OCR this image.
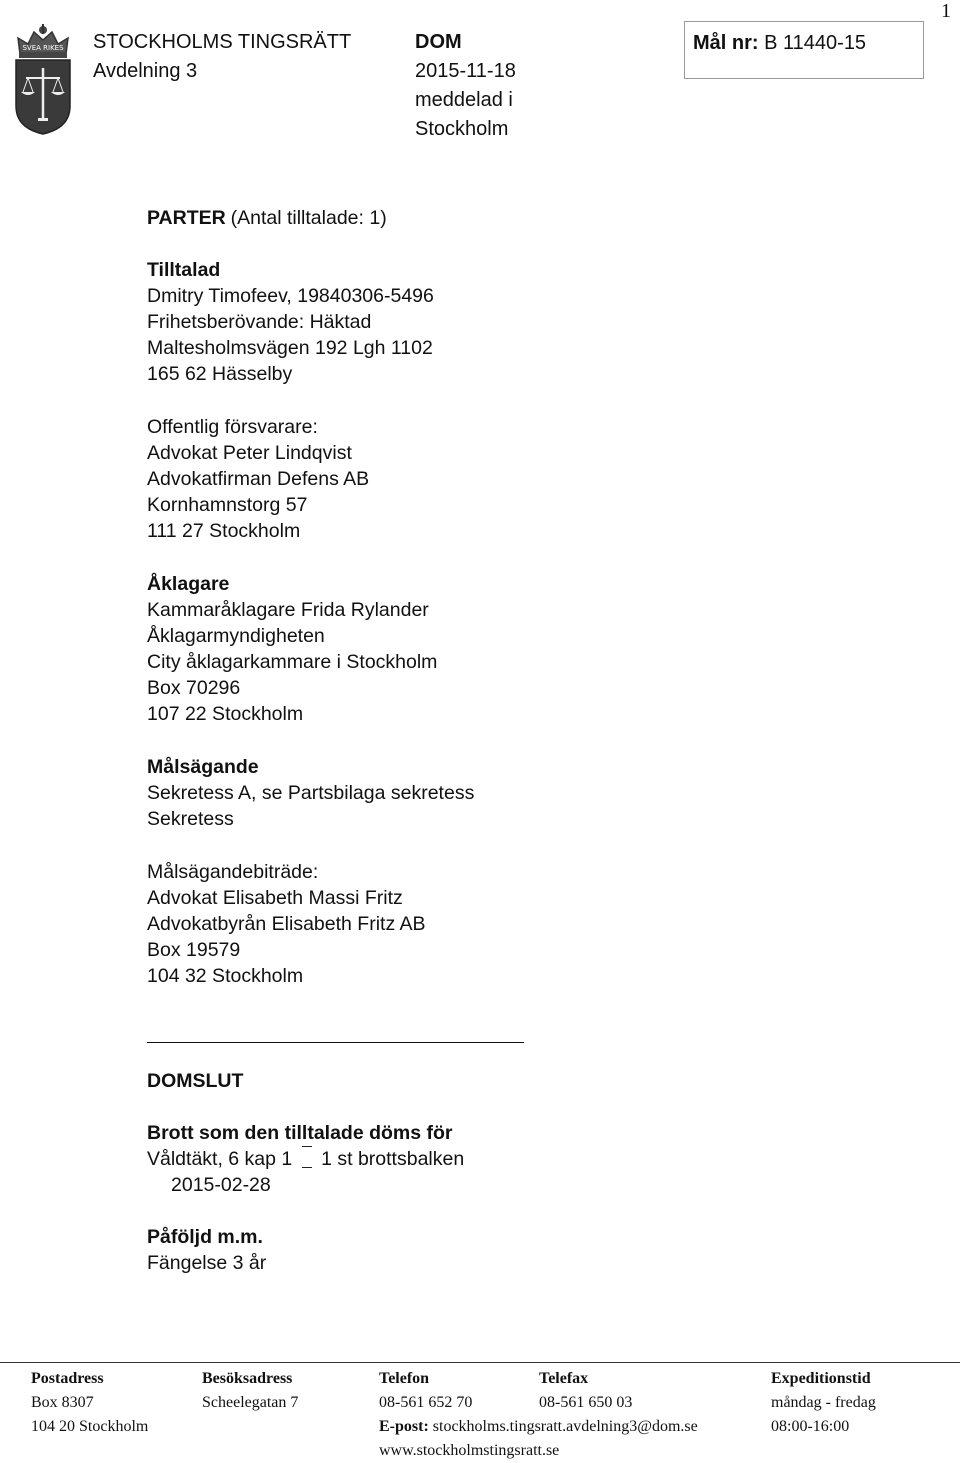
1
SVEA RIKES STOCKHOLMS TINGSRÄTT
Avdelning 3
DOM
2015-11-18
meddelad i
Stockholm
Mål nr: B 11440-15
PARTER (Antal tilltalade: 1)
Tilltalad
Dmitry Timofeev, 19840306-5496
Frihetsberövande: Häktad
Maltesholmsvägen 192 Lgh 1102
165 62 Hässelby
Offentlig försvarare:
Advokat Peter Lindqvist
Advokatfirman Defens AB
Kornhamnstorg 57
111 27 Stockholm
Åklagare
Kammaråklagare Frida Rylander
Åklagarmyndigheten
City åklagarkammare i Stockholm
Box 70296
107 22 Stockholm
Målsägande
Sekretess A, se Partsbilaga sekretess
Sekretess
Målsägandebiträde:
Advokat Elisabeth Massi Fritz
Advokatbyrån Elisabeth Fritz AB
Box 19579
104 32 Stockholm
DOMSLUT
Brott som den tilltalade döms för
Våldtäkt, 6 kap 1 1 st brottsbalken
2015-02-28
Påföljd m.m.
Fängelse 3 år
Postadress
Box 8307
104 20 Stockholm
Besöksadress
Scheelegatan 7
Telefon
08-561 652 70
E-post: stockholms.tingsratt.avdelning3@dom.se
www.stockholmstingsratt.se
Telefax
08-561 650 03
Expeditionstid
måndag - fredag
08:00-16:00
